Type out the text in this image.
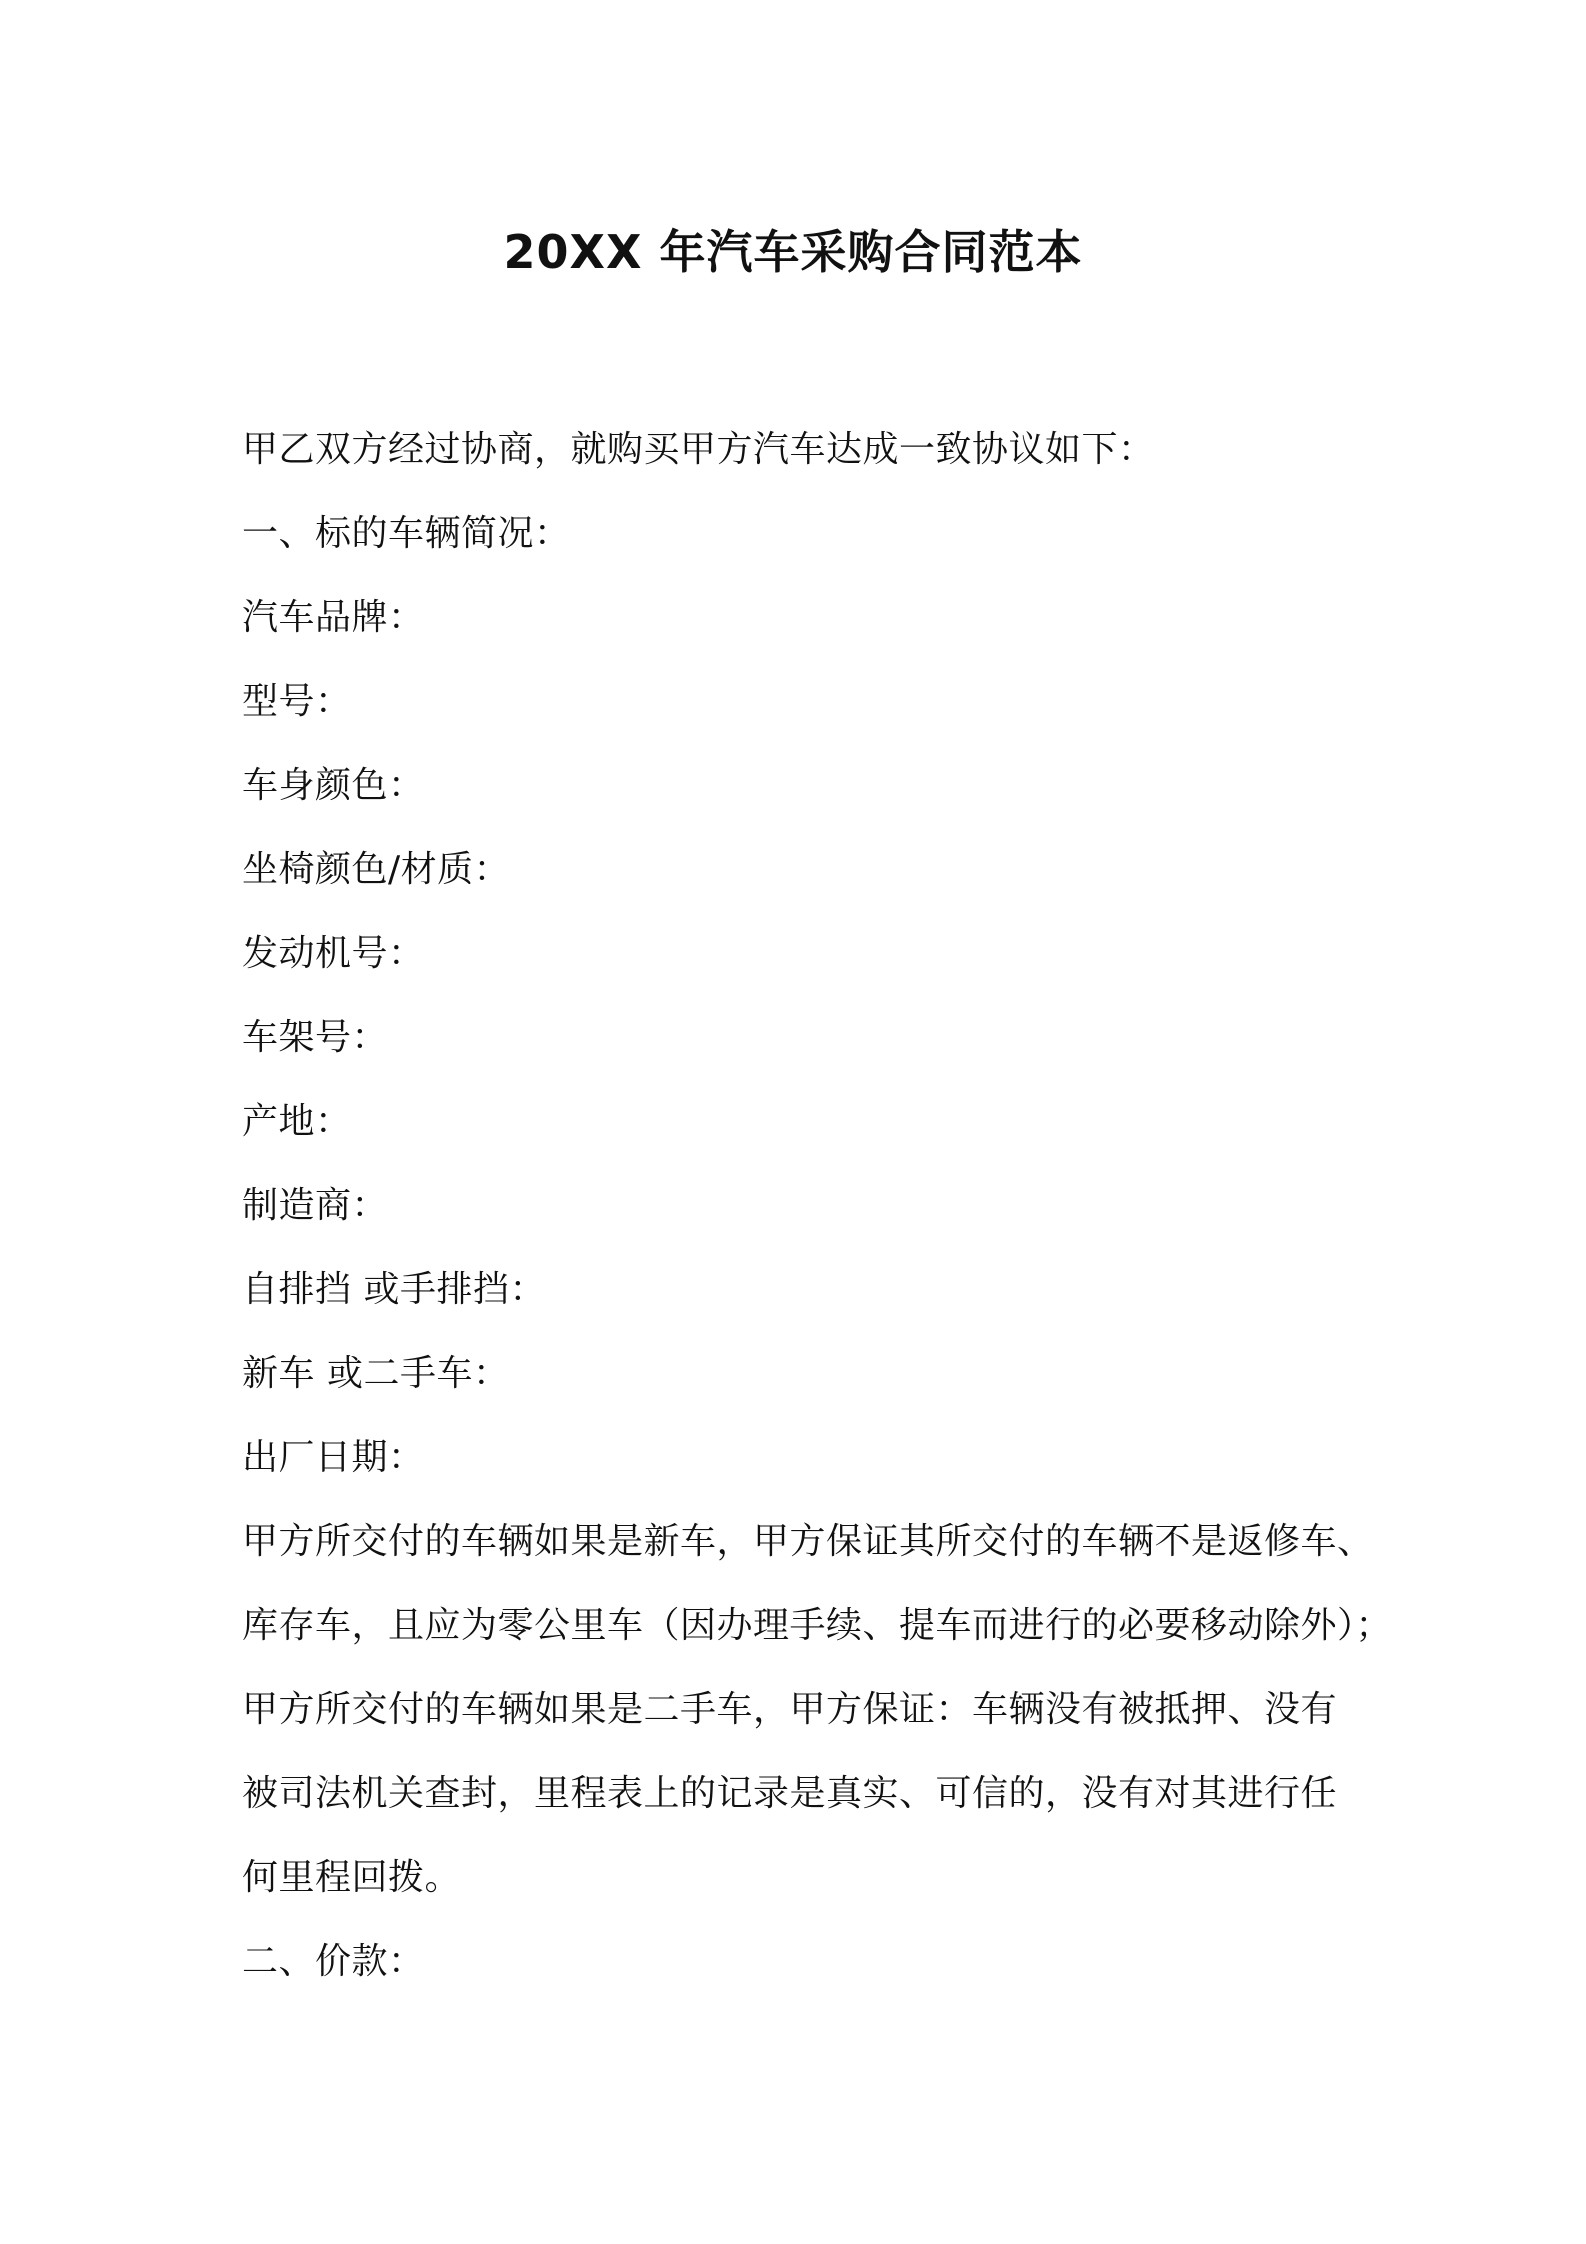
20XX 年汽车采购合同范本
甲乙双方经过协商，就购买甲方汽车达成一致协议如下：
一、标的车辆简况：
汽车品牌：
型号：
车身颜色：
坐椅颜色/材质：
发动机号：
车架号：
产地：
制造商：
自排挡 或手排挡：
新车 或二手车：
出厂日期：
甲方所交付的车辆如果是新车，甲方保证其所交付的车辆不是返修车、
库存车，且应为零公里车（因办理手续、提车而进行的必要移动除外）；
甲方所交付的车辆如果是二手车，甲方保证：车辆没有被抵押、没有
被司法机关查封，里程表上的记录是真实、可信的，没有对其进行任
何里程回拨。
二、价款：
